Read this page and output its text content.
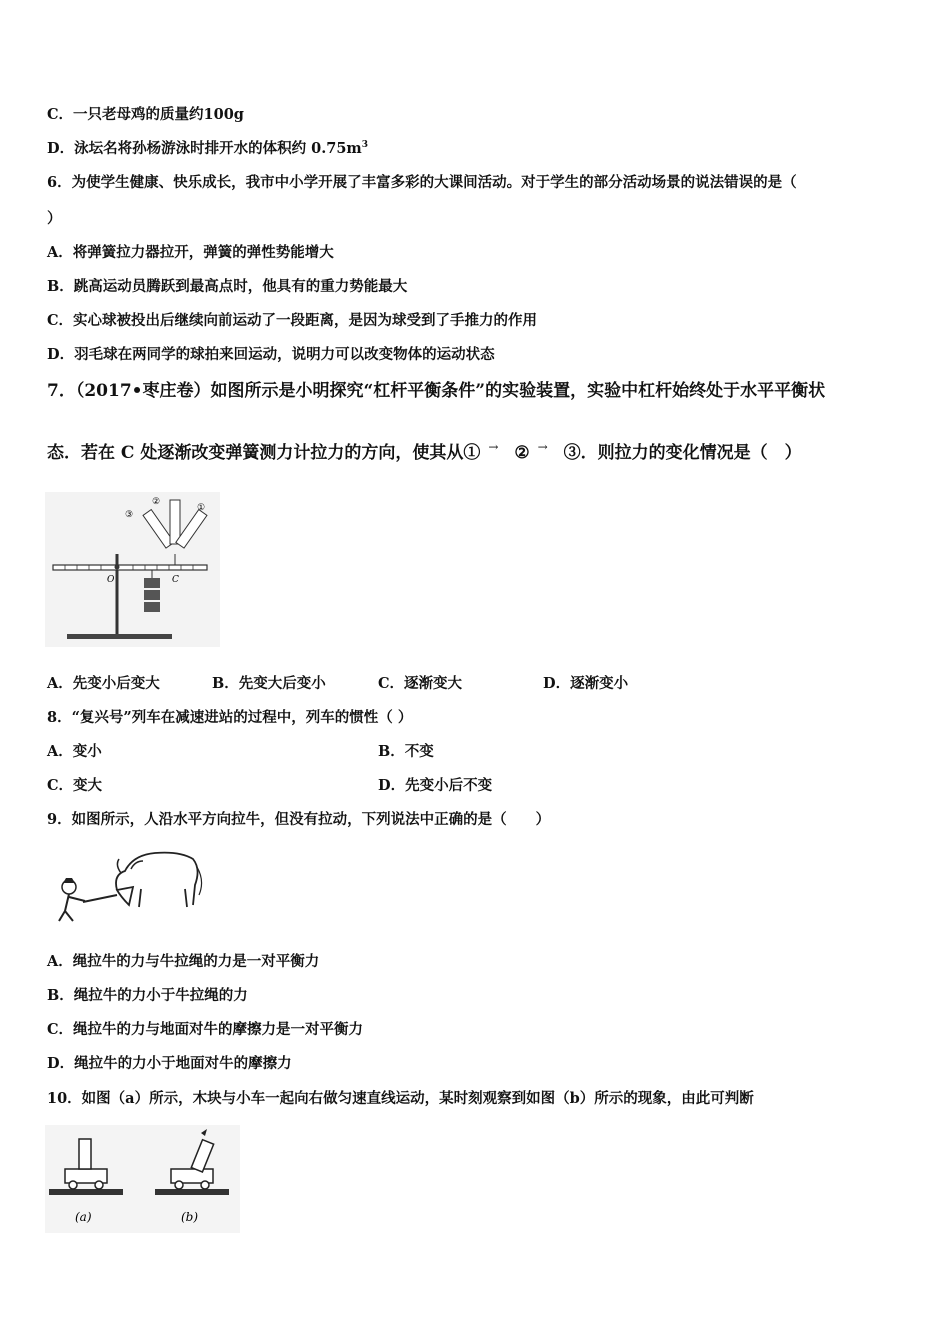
C．一只老母鸡的质量约100g
D．泳坛名将孙杨游泳时排开水的体积约 $0.75m^3$
6．为使学生健康、快乐成长，我市中小学开展了丰富多彩的大课间活动。对于学生的部分活动场景的说法错误的是（
）
A．将弹簧拉力器拉开，弹簧的弹性势能增大
B．跳高运动员腾跃到最高点时，他具有的重力势能最大
C．实心球被投出后继续向前运动了一段距离，是因为球受到了手推力的作用
D．羽毛球在两同学的球拍来回运动，说明力可以改变物体的运动状态
7．（2017•枣庄卷）如图所示是小明探究“杠杆平衡条件”的实验装置，实验中杠杆始终处于水平平衡状
态．若在 C 处逐渐改变弹簧测力计拉力的方向，使其从① → ② → ③．则拉力的变化情况是（　）
O	C
③
②
①
A．先变小后变大	B．先变大后变小	C．逐渐变大	D．逐渐变小
8．“复兴号”列车在减速进站的过程中，列车的惯性（ ）
A．变小	B．不变
C．变大	D．先变小后不变
9．如图所示，人沿水平方向拉牛，但没有拉动，下列说法中正确的是（　　）
A．绳拉牛的力与牛拉绳的力是一对平衡力
B．绳拉牛的力小于牛拉绳的力
C．绳拉牛的力与地面对牛的摩擦力是一对平衡力
D．绳拉牛的力小于地面对牛的摩擦力
10．如图（a）所示，木块与小车一起向右做匀速直线运动，某时刻观察到如图（b）所示的现象，由此可判断
(a)	(b)
